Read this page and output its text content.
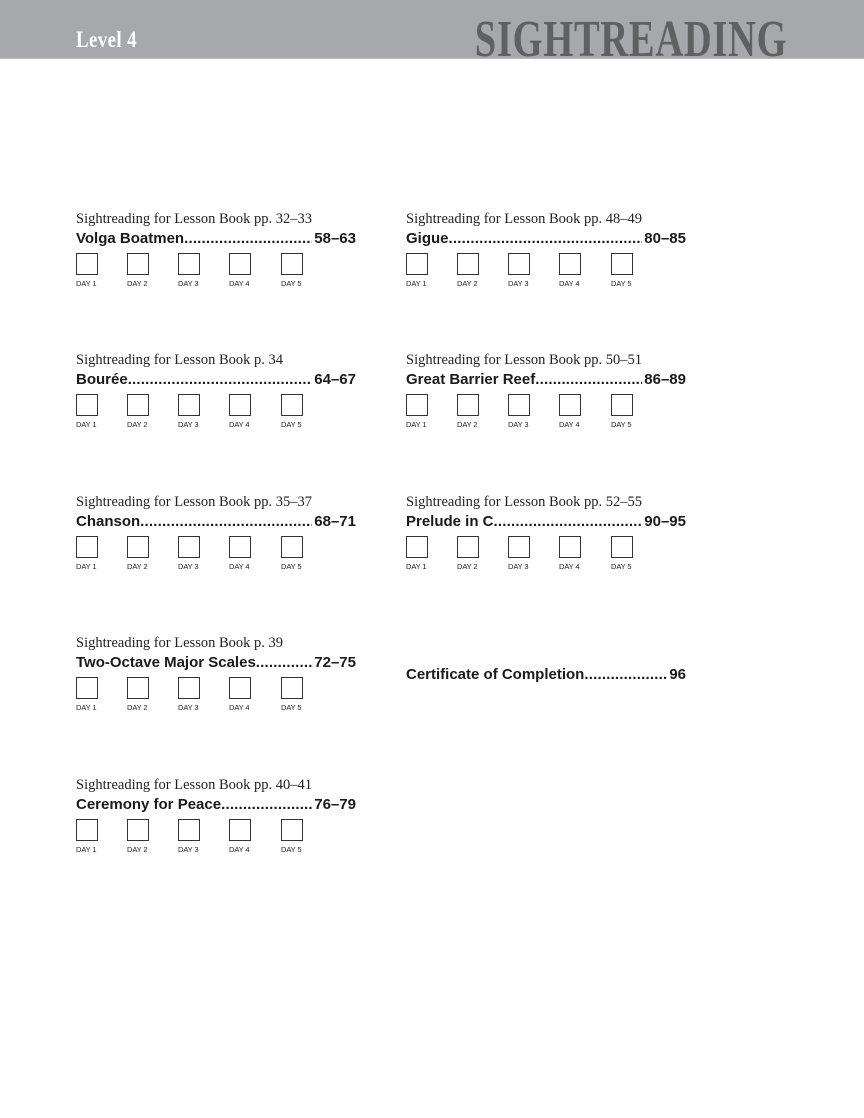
Level 4	SIGHTREADING
Sightreading for Lesson Book pp. 32–33
Volga Boatmen .....	58–63
DAY 1	DAY 2	DAY 3	DAY 4	DAY 5
Sightreading for Lesson Book p. 34
Bourée .....	64–67
DAY 1	DAY 2	DAY 3	DAY 4	DAY 5
Sightreading for Lesson Book pp. 35–37
Chanson .....	68–71
DAY 1	DAY 2	DAY 3	DAY 4	DAY 5
Sightreading for Lesson Book p. 39
Two-Octave Major Scales .....	72–75
DAY 1	DAY 2	DAY 3	DAY 4	DAY 5
Sightreading for Lesson Book pp. 40–41
Ceremony for Peace .....	76–79
DAY 1	DAY 2	DAY 3	DAY 4	DAY 5
Sightreading for Lesson Book pp. 48–49
Gigue .....	80–85
DAY 1	DAY 2	DAY 3	DAY 4	DAY 5
Sightreading for Lesson Book pp. 50–51
Great Barrier Reef .....	86–89
DAY 1	DAY 2	DAY 3	DAY 4	DAY 5
Sightreading for Lesson Book pp. 52–55
Prelude in C .....	90–95
DAY 1	DAY 2	DAY 3	DAY 4	DAY 5
Certificate of Completion .....	96
